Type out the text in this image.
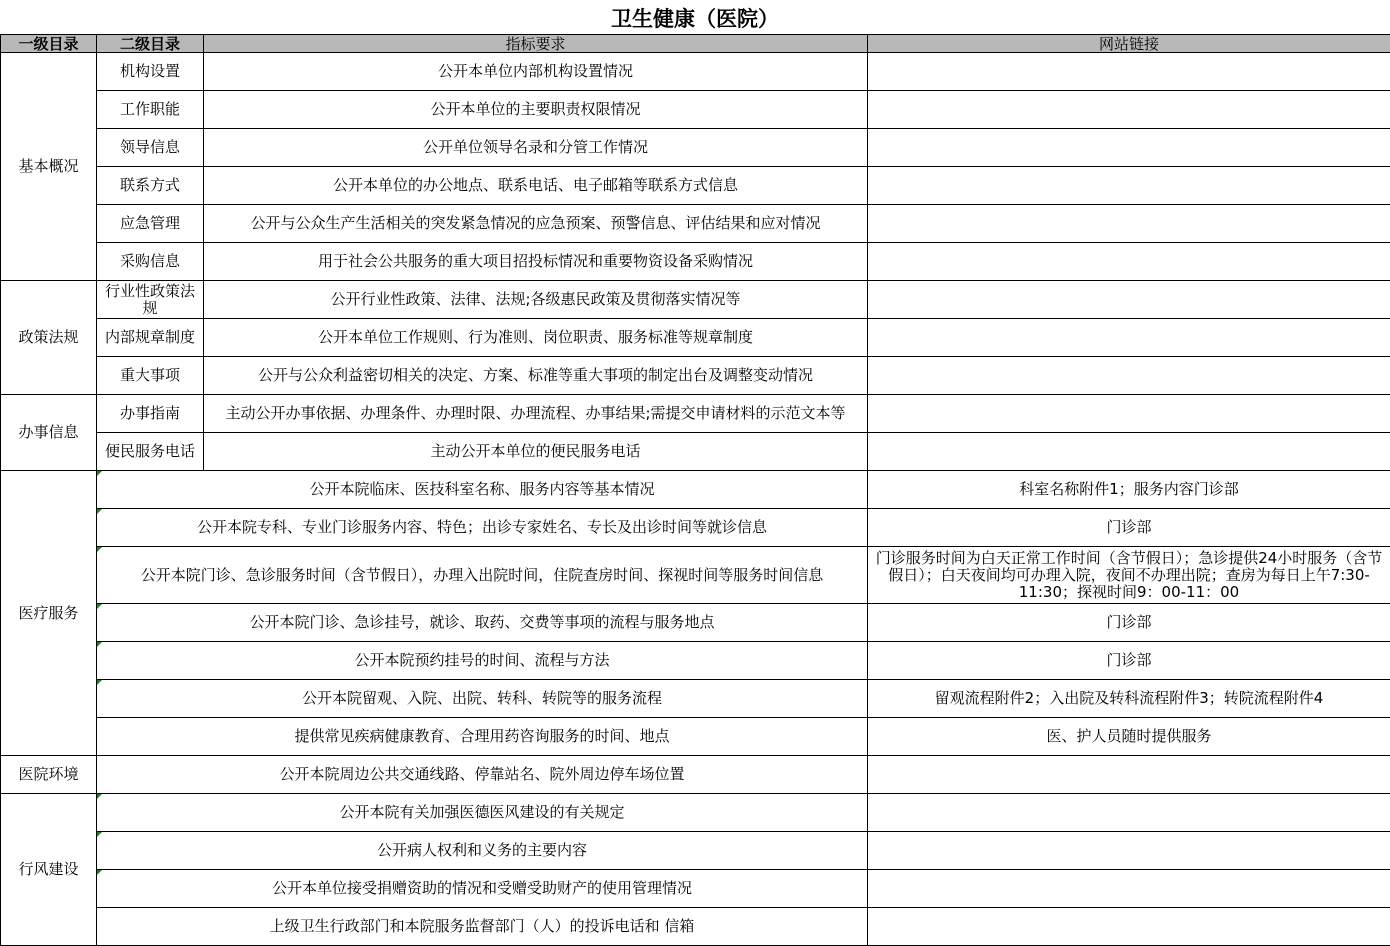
卫生健康（医院）
一级目录	二级目录	指标要求	网站链接
基本概况	机构设置	公开本单位内部机构设置情况	
	工作职能	公开本单位的主要职责权限情况	
	领导信息	公开单位领导名录和分管工作情况	
	联系方式	公开本单位的办公地点、联系电话、电子邮箱等联系方式信息	
	应急管理	公开与公众生产生活相关的突发紧急情况的应急预案、预警信息、评估结果和应对情况	
	采购信息	用于社会公共服务的重大项目招投标情况和重要物资设备采购情况	
政策法规	行业性政策法规	公开行业性政策、法律、法规;各级惠民政策及贯彻落实情况等	
	内部规章制度	公开本单位工作规则、行为准则、岗位职责、服务标准等规章制度	
	重大事项	公开与公众利益密切相关的决定、方案、标准等重大事项的制定出台及调整变动情况	
办事信息	办事指南	主动公开办事依据、办理条件、办理时限、办理流程、办事结果;需提交申请材料的示范文本等	
	便民服务电话	主动公开本单位的便民服务电话	
医疗服务	公开本院临床、医技科室名称、服务内容等基本情况		科室名称附件1；服务内容门诊部
	公开本院专科、专业门诊服务内容、特色；出诊专家姓名、专长及出诊时间等就诊信息		门诊部
	公开本院门诊、急诊服务时间（含节假日），办理入出院时间，住院查房时间、探视时间等服务时间信息		门诊服务时间为白天正常工作时间（含节假日）；急诊提供24小时服务（含节假日）；白天夜间均可办理入院，夜间不办理出院；查房为每日上午7:30-11:30；探视时间9：00-11：00
	公开本院门诊、急诊挂号，就诊、取药、交费等事项的流程与服务地点		门诊部
	公开本院预约挂号的时间、流程与方法		门诊部
	公开本院留观、入院、出院、转科、转院等的服务流程		留观流程附件2；入出院及转科流程附件3；转院流程附件4
	提供常见疾病健康教育、合理用药咨询服务的时间、地点		医、护人员随时提供服务
医院环境	公开本院周边公共交通线路、停靠站名、院外周边停车场位置		
行风建设	公开本院有关加强医德医风建设的有关规定		
	公开病人权利和义务的主要内容		
	公开本单位接受捐赠资助的情况和受赠受助财产的使用管理情况		
	上级卫生行政部门和本院服务监督部门（人）的投诉电话和 信箱		
